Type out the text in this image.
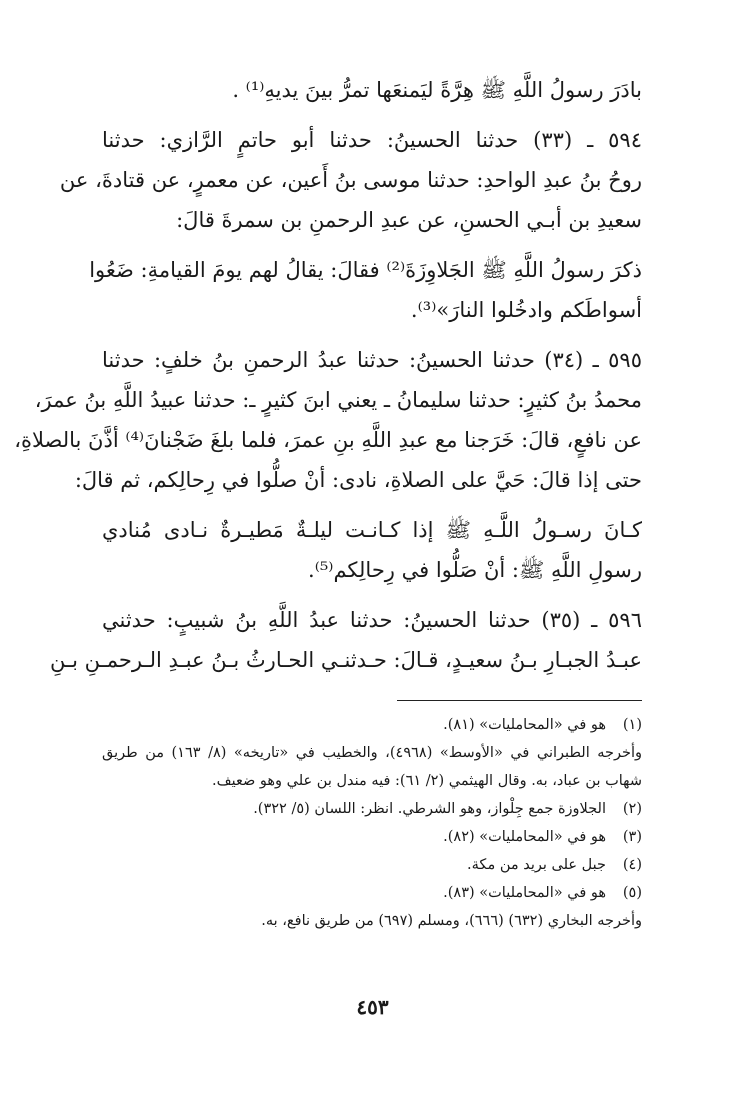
بادَرَ رسولُ اللَّهِ ﷺ هِرَّةً ليَمنعَها تمرُّ بينَ يديهِ⁽¹⁾ .

٥٩٤ ـ (٣٣) حدثنا الحسينُ: حدثنا أبو حاتمٍ الرَّازي: حدثنا

روحُ بنُ عبدِ الواحدِ: حدثنا موسى بنُ أَعين، عن معمرٍ، عن قتادةَ، عن

سعيدِ بن أبـي الحسنِ، عن عبدِ الرحمنِ بن سمرةَ قالَ:

ذكرَ رسولُ اللَّهِ ﷺ الجَلاوِزَةَ⁽²⁾ فقالَ: يقالُ لهم يومَ القيامةِ: ضَعُوا

أسواطَكم وادخُلوا النارَ»⁽³⁾.

٥٩٥ ـ (٣٤) حدثنا الحسينُ: حدثنا عبدُ الرحمنِ بنُ خلفٍ: حدثنا

محمدُ بنُ كثيرٍ: حدثنا سليمانُ ـ يعني ابنَ كثيرٍ ـ: حدثنا عبيدُ اللَّهِ بنُ عمرَ،

عن نافعٍ، قالَ: خَرَجنا مع عبدِ اللَّهِ بنِ عمرَ، فلما بلغَ ضَجْنانَ⁽⁴⁾ أذَّنَ بالصلاةِ،

حتى إذا قالَ: حَيَّ على الصلاةِ، نادى: أنْ صلُّوا في رِحالِكم، ثم قالَ:

كـانَ رسـولُ اللَّـهِ ﷺ إذا كـانـت ليلـةٌ مَطيـرةٌ نـادى مُنادي

رسولِ اللَّهِ ﷺ: أنْ صَلُّوا في رِحالِكم⁽⁵⁾.

٥٩٦ ـ (٣٥) حدثنا الحسينُ: حدثنا عبدُ اللَّهِ بنُ شبيبٍ: حدثني

عبـدُ الجبـارِ بـنُ سعيـدٍ، قـالَ: حـدثنـي الحـارثُ بـنُ عبـدِ الـرحمـنِ بـنِ

(١)هو في «المحامليات» (٨١).

وأخرجه الطبراني في «الأوسط» (٤٩٦٨)، والخطيب في «تاريخه» (٨/ ١٦٣) من طريق

شهاب بن عباد، به. وقال الهيثمي (٢/ ٦١): فيه مندل بن علي وهو ضعيف.

(٢)الجلاوزة جمع جِلْواز، وهو الشرطي. انظر: اللسان (٥/ ٣٢٢).

(٣)هو في «المحامليات» (٨٢).

(٤)جبل على بريد من مكة.

(٥)هو في «المحامليات» (٨٣).

وأخرجه البخاري (٦٣٢) (٦٦٦)، ومسلم (٦٩٧) من طريق نافع، به.

٤٥٣
